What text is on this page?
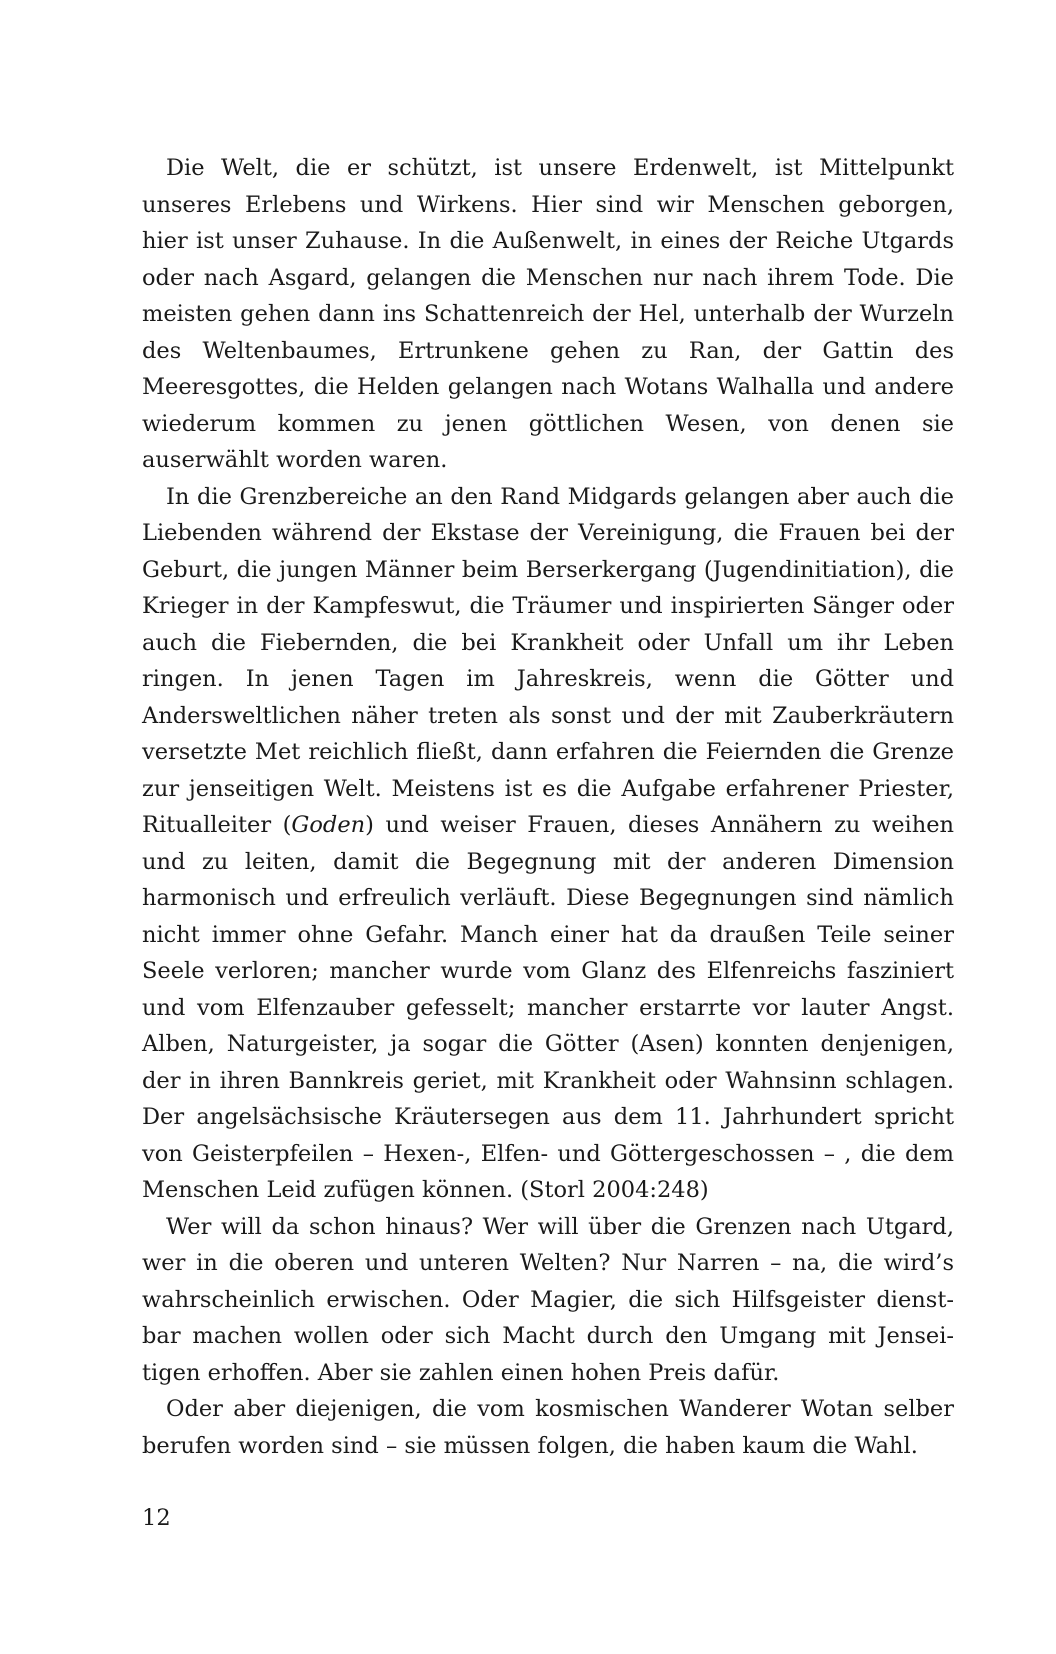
Die Welt, die er schützt, ist unsere Erdenwelt, ist Mittelpunkt unseres Erlebens und Wirkens. Hier sind wir Menschen geborgen, hier ist unser Zuhause. In die Außenwelt, in eines der Reiche Utgards oder nach Asgard, gelangen die Menschen nur nach ihrem Tode. Die meisten gehen dann ins Schattenreich der Hel, unterhalb der Wurzeln des Weltenbaumes, Ertrunkene gehen zu Ran, der Gattin des Meeresgottes, die Helden gelangen nach Wotans Walhalla und andere wiederum kommen zu jenen göttlichen Wesen, von denen sie auserwählt worden waren.

In die Grenzbereiche an den Rand Midgards gelangen aber auch die Liebenden während der Ekstase der Vereinigung, die Frauen bei der Geburt, die jungen Männer beim Berserkergang (Jugendinitiation), die Krieger in der Kampfeswut, die Träumer und inspirierten Sänger oder auch die Fiebernden, die bei Krankheit oder Unfall um ihr Leben ringen. In jenen Tagen im Jahreskreis, wenn die Götter und Andersweltlichen näher treten als sonst und der mit Zauberkräutern versetzte Met reichlich fließt, dann erfahren die Feiernden die Grenze zur jenseitigen Welt. Meistens ist es die Aufgabe erfahrener Priester, Ritualleiter (Goden) und weiser Frauen, dieses Annähern zu weihen und zu leiten, damit die Begegnung mit der anderen Dimension harmonisch und erfreulich verläuft. Diese Begegnungen sind nämlich nicht immer ohne Gefahr. Manch einer hat da draußen Teile seiner Seele verloren; mancher wurde vom Glanz des Elfenreichs fasziniert und vom Elfenzauber gefesselt; mancher erstarrte vor lauter Angst. Alben, Naturgeister, ja sogar die Götter (Asen) konnten denjenigen, der in ihren Bannkreis geriet, mit Krankheit oder Wahnsinn schlagen. Der angelsächsische Kräutersegen aus dem 11. Jahrhundert spricht von Geisterpfeilen – Hexen-, Elfen- und Göttergeschossen – , die dem Menschen Leid zufügen können. (Storl 2004:248)

Wer will da schon hinaus? Wer will über die Grenzen nach Utgard, wer in die oberen und unteren Welten? Nur Narren – na, die wird’s wahrscheinlich erwischen. Oder Magier, die sich Hilfsgeister dienstbar machen wollen oder sich Macht durch den Umgang mit Jenseitigen erhoffen. Aber sie zahlen einen hohen Preis dafür.

Oder aber diejenigen, die vom kosmischen Wanderer Wotan selber berufen worden sind – sie müssen folgen, die haben kaum die Wahl.

12
